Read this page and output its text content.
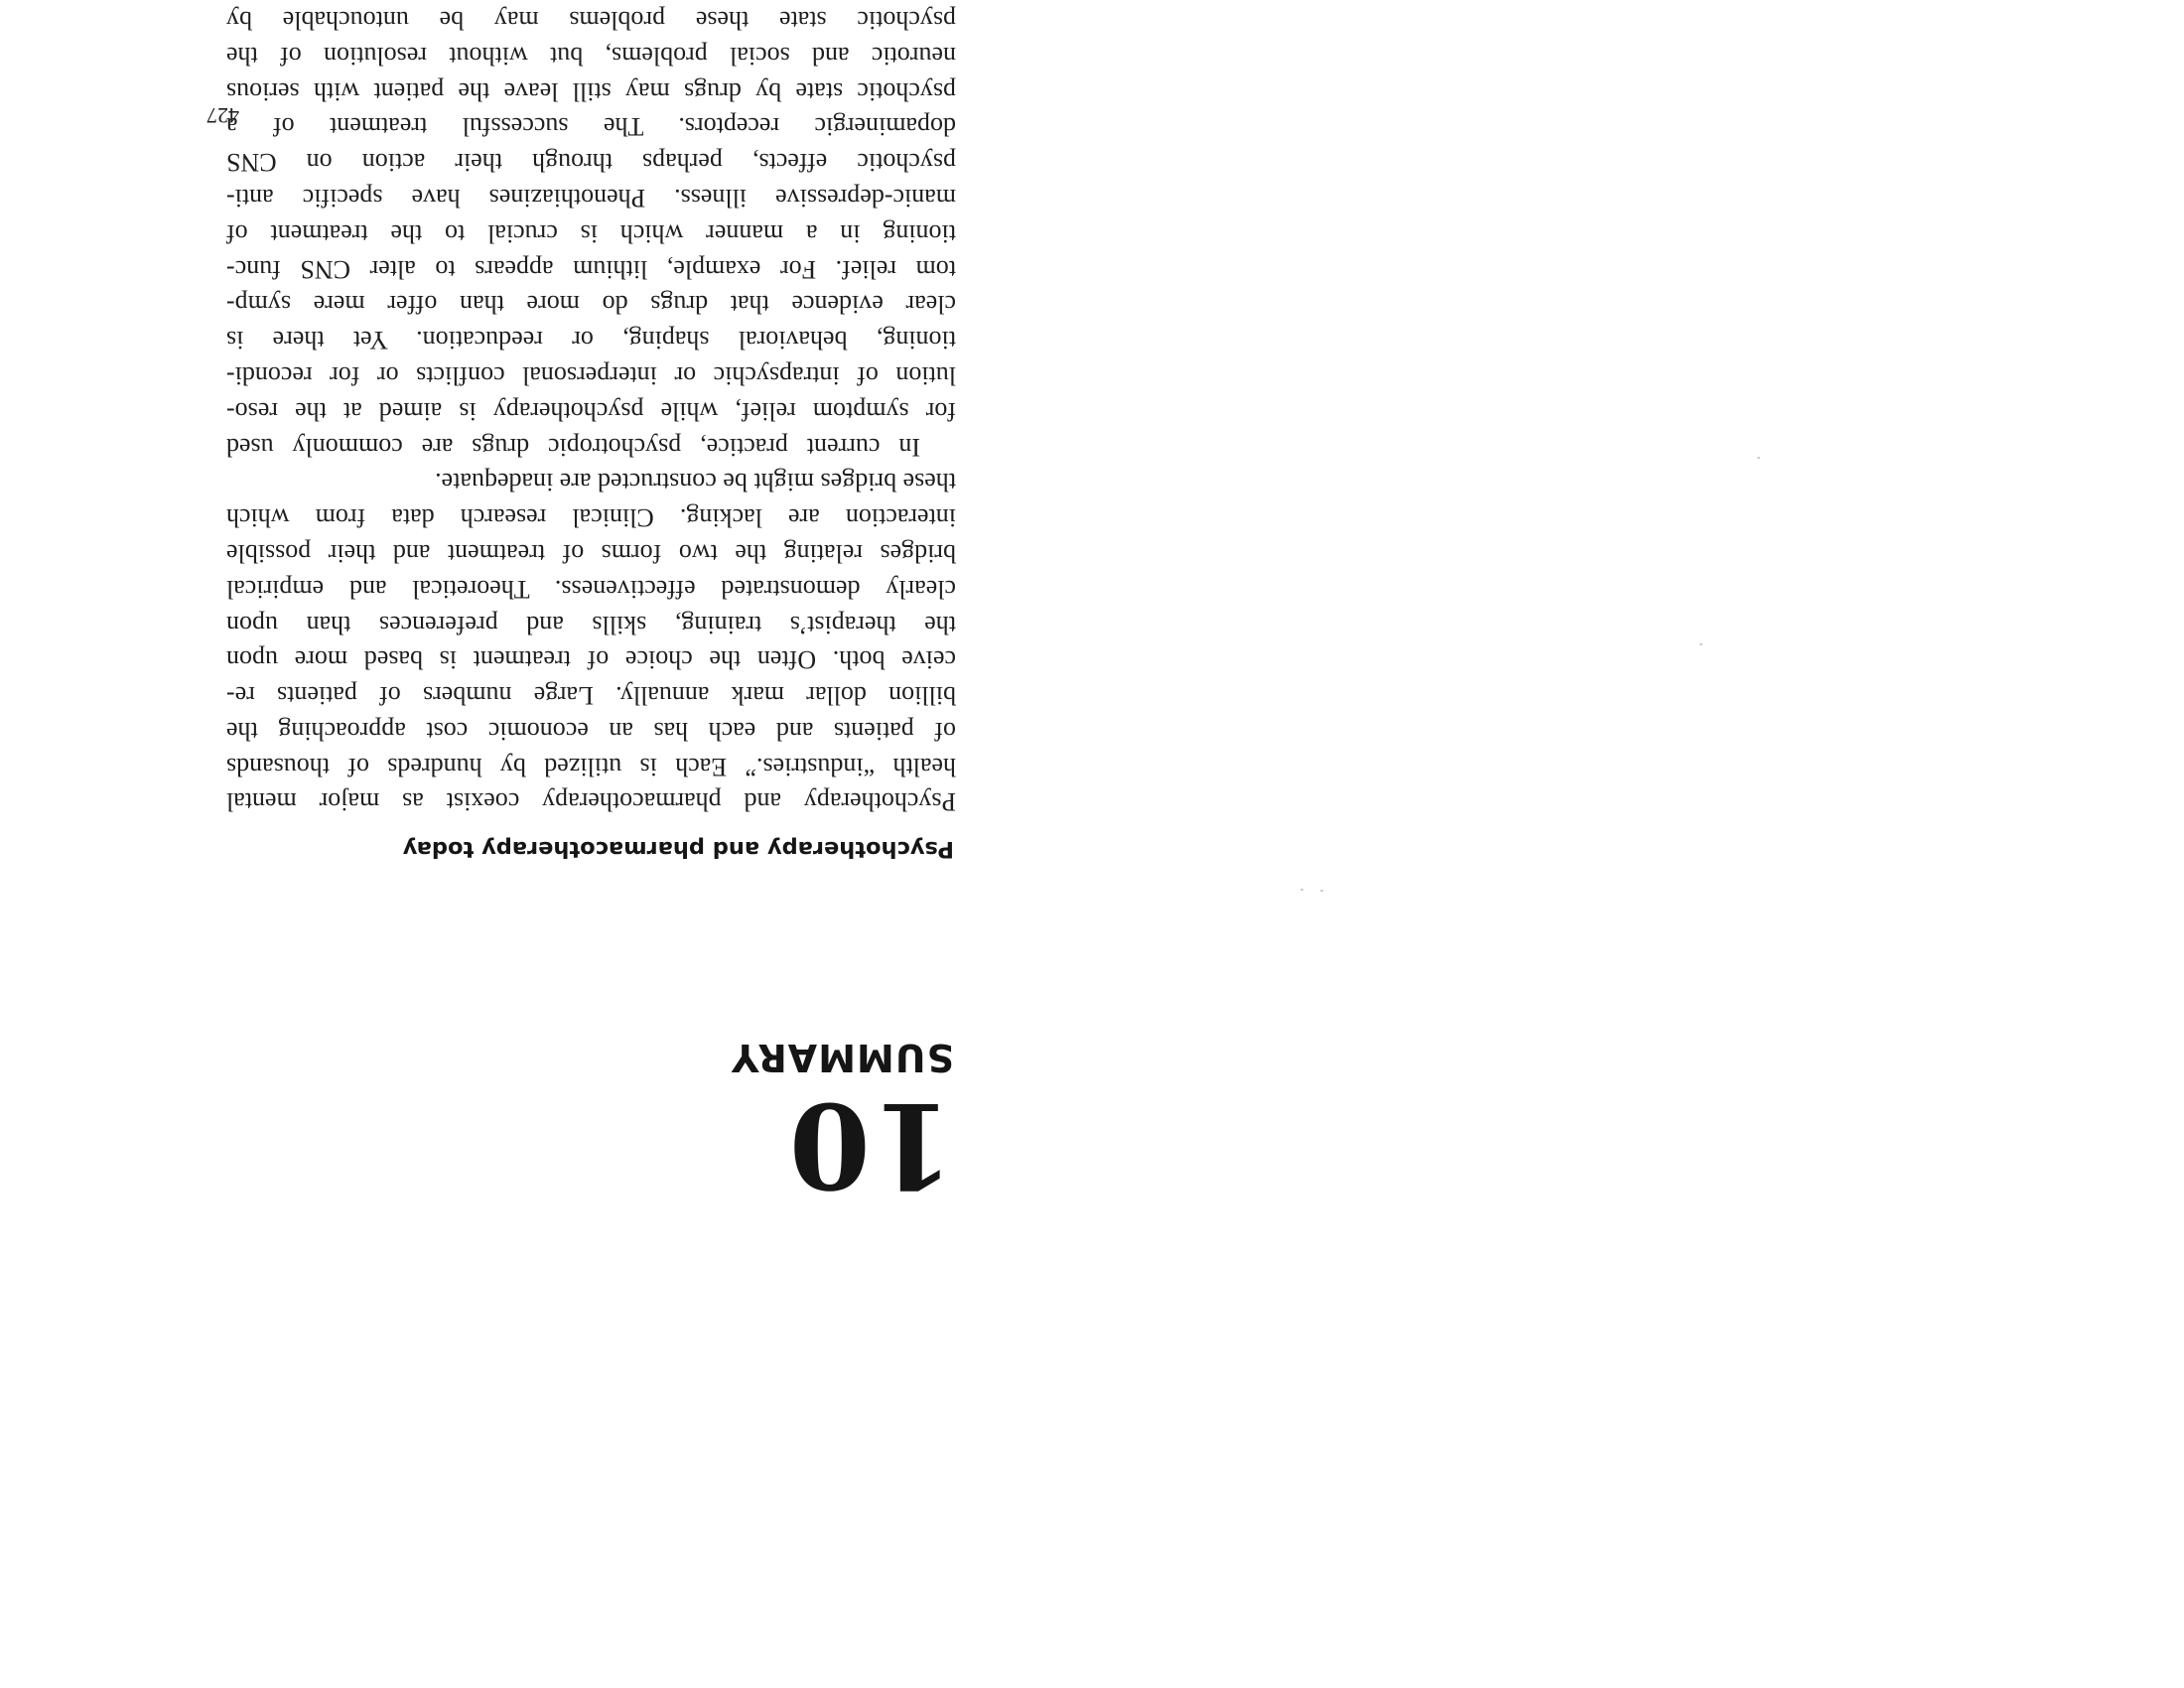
10
SUMMARY
Psychotherapy and pharmacotherapy today
Psychotherapy and pharmacotherapy coexist as major mental
health “industries.” Each is utilized by hundreds of thousands
of patients and each has an economic cost approaching the
billion dollar mark annually. Large numbers of patients re-
ceive both. Often the choice of treatment is based more upon
the therapist’s training, skills and preferences than upon
clearly demonstrated effectiveness. Theoretical and empirical
bridges relating the two forms of treatment and their possible
interaction are lacking. Clinical research data from which
these bridges might be constructed are inadequate.
In current practice, psychotropic drugs are commonly used
for symptom relief, while psychotherapy is aimed at the reso-
lution of intrapsychic or interpersonal conflicts or for recondi-
tioning, behavioral shaping, or reeducation. Yet there is
clear evidence that drugs do more than offer mere symp-
tom relief. For example, lithium appears to alter CNS func-
tioning in a manner which is crucial to the treatment of
manic-depressive illness. Phenothiazines have specific anti-
psychotic effects, perhaps through their action on CNS
dopaminergic receptors. The successful treatment of a
psychotic state by drugs may still leave the patient with serious
neurotic and social problems, but without resolution of the
psychotic state these problems may be untouchable by
427
